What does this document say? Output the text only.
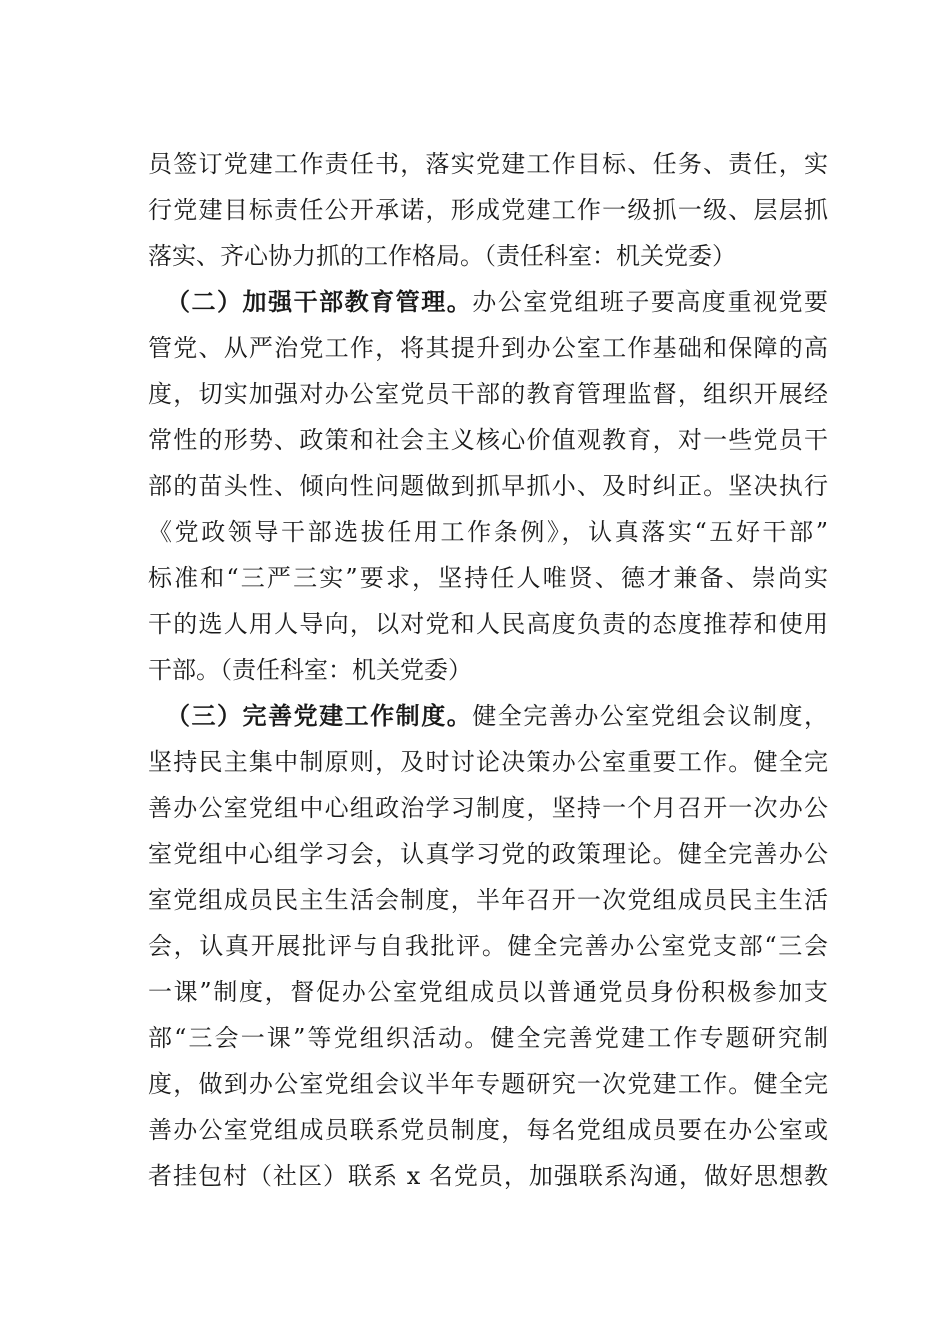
员签订党建工作责任书，落实党建工作目标、任务、责任，实
行党建目标责任公开承诺，形成党建工作一级抓一级、层层抓
落实、齐心协力抓的工作格局。（责任科室：机关党委）
（二）加强干部教育管理。办公室党组班子要高度重视党要
管党、从严治党工作，将其提升到办公室工作基础和保障的高
度，切实加强对办公室党员干部的教育管理监督，组织开展经
常性的形势、政策和社会主义核心价值观教育，对一些党员干
部的苗头性、倾向性问题做到抓早抓小、及时纠正。坚决执行
《党政领导干部选拔任用工作条例》，认真落实“五好干部”
标准和“三严三实”要求，坚持任人唯贤、德才兼备、崇尚实
干的选人用人导向，以对党和人民高度负责的态度推荐和使用
干部。（责任科室：机关党委）
（三）完善党建工作制度。健全完善办公室党组会议制度，
坚持民主集中制原则，及时讨论决策办公室重要工作。健全完
善办公室党组中心组政治学习制度，坚持一个月召开一次办公
室党组中心组学习会，认真学习党的政策理论。健全完善办公
室党组成员民主生活会制度，半年召开一次党组成员民主生活
会，认真开展批评与自我批评。健全完善办公室党支部“三会
一课”制度，督促办公室党组成员以普通党员身份积极参加支
部“三会一课”等党组织活动。健全完善党建工作专题研究制
度，做到办公室党组会议半年专题研究一次党建工作。健全完
善办公室党组成员联系党员制度，每名党组成员要在办公室或
者挂包村（社区）联系 x 名党员，加强联系沟通，做好思想教
